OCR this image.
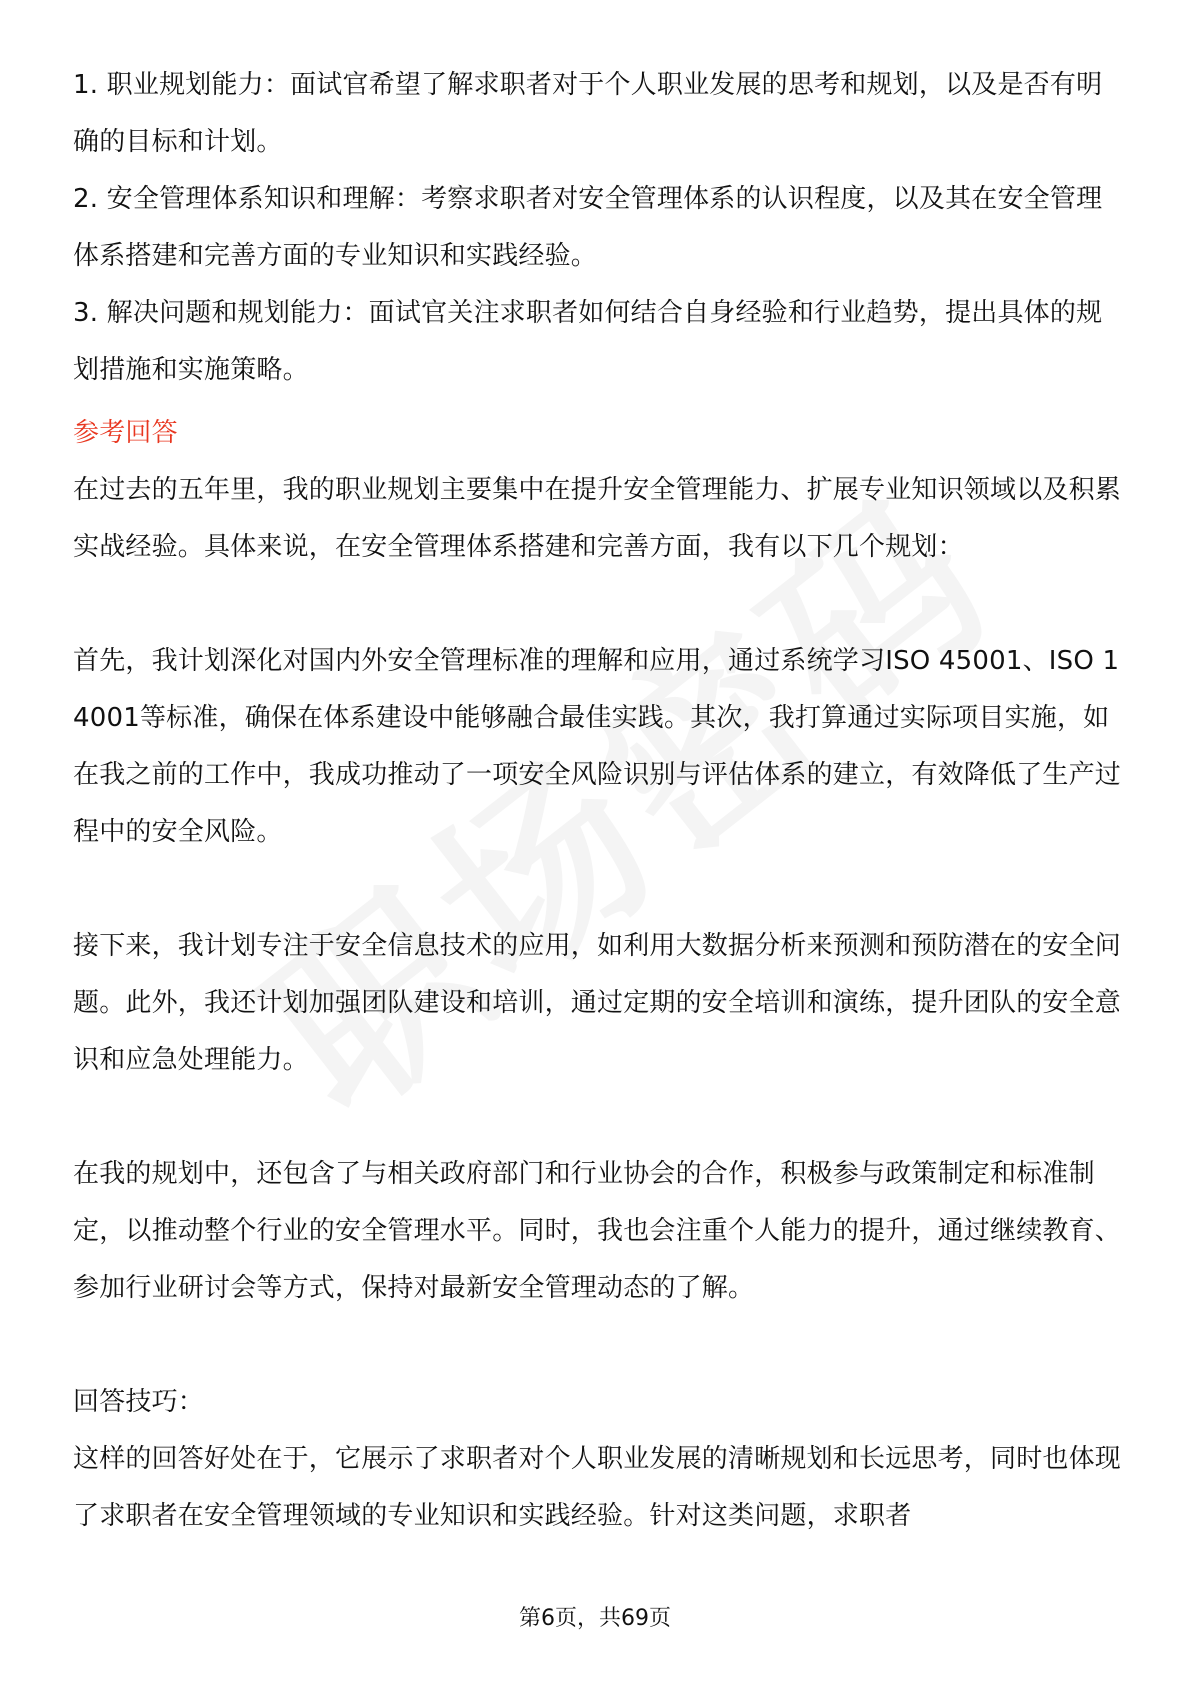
1. 职业规划能力：面试官希望了解求职者对于个人职业发展的思考和规划，以及是否有明确的目标和计划。

2. 安全管理体系知识和理解：考察求职者对安全管理体系的认识程度，以及其在安全管理体系搭建和完善方面的专业知识和实践经验。

3. 解决问题和规划能力：面试官关注求职者如何结合自身经验和行业趋势，提出具体的规划措施和实施策略。

参考回答

在过去的五年里，我的职业规划主要集中在提升安全管理能力、扩展专业知识领域以及积累实战经验。具体来说，在安全管理体系搭建和完善方面，我有以下几个规划：

首先，我计划深化对国内外安全管理标准的理解和应用，通过系统学习ISO 45001、ISO 14001等标准，确保在体系建设中能够融合最佳实践。其次，我打算通过实际项目实施，如在我之前的工作中，我成功推动了一项安全风险识别与评估体系的建立，有效降低了生产过程中的安全风险。

接下来，我计划专注于安全信息技术的应用，如利用大数据分析来预测和预防潜在的安全问题。此外，我还计划加强团队建设和培训，通过定期的安全培训和演练，提升团队的安全意识和应急处理能力。

在我的规划中，还包含了与相关政府部门和行业协会的合作，积极参与政策制定和标准制定，以推动整个行业的安全管理水平。同时，我也会注重个人能力的提升，通过继续教育、参加行业研讨会等方式，保持对最新安全管理动态的了解。

回答技巧：

这样的回答好处在于，它展示了求职者对个人职业发展的清晰规划和长远思考，同时也体现了求职者在安全管理领域的专业知识和实践经验。针对这类问题，求职者

第6页，共69页
